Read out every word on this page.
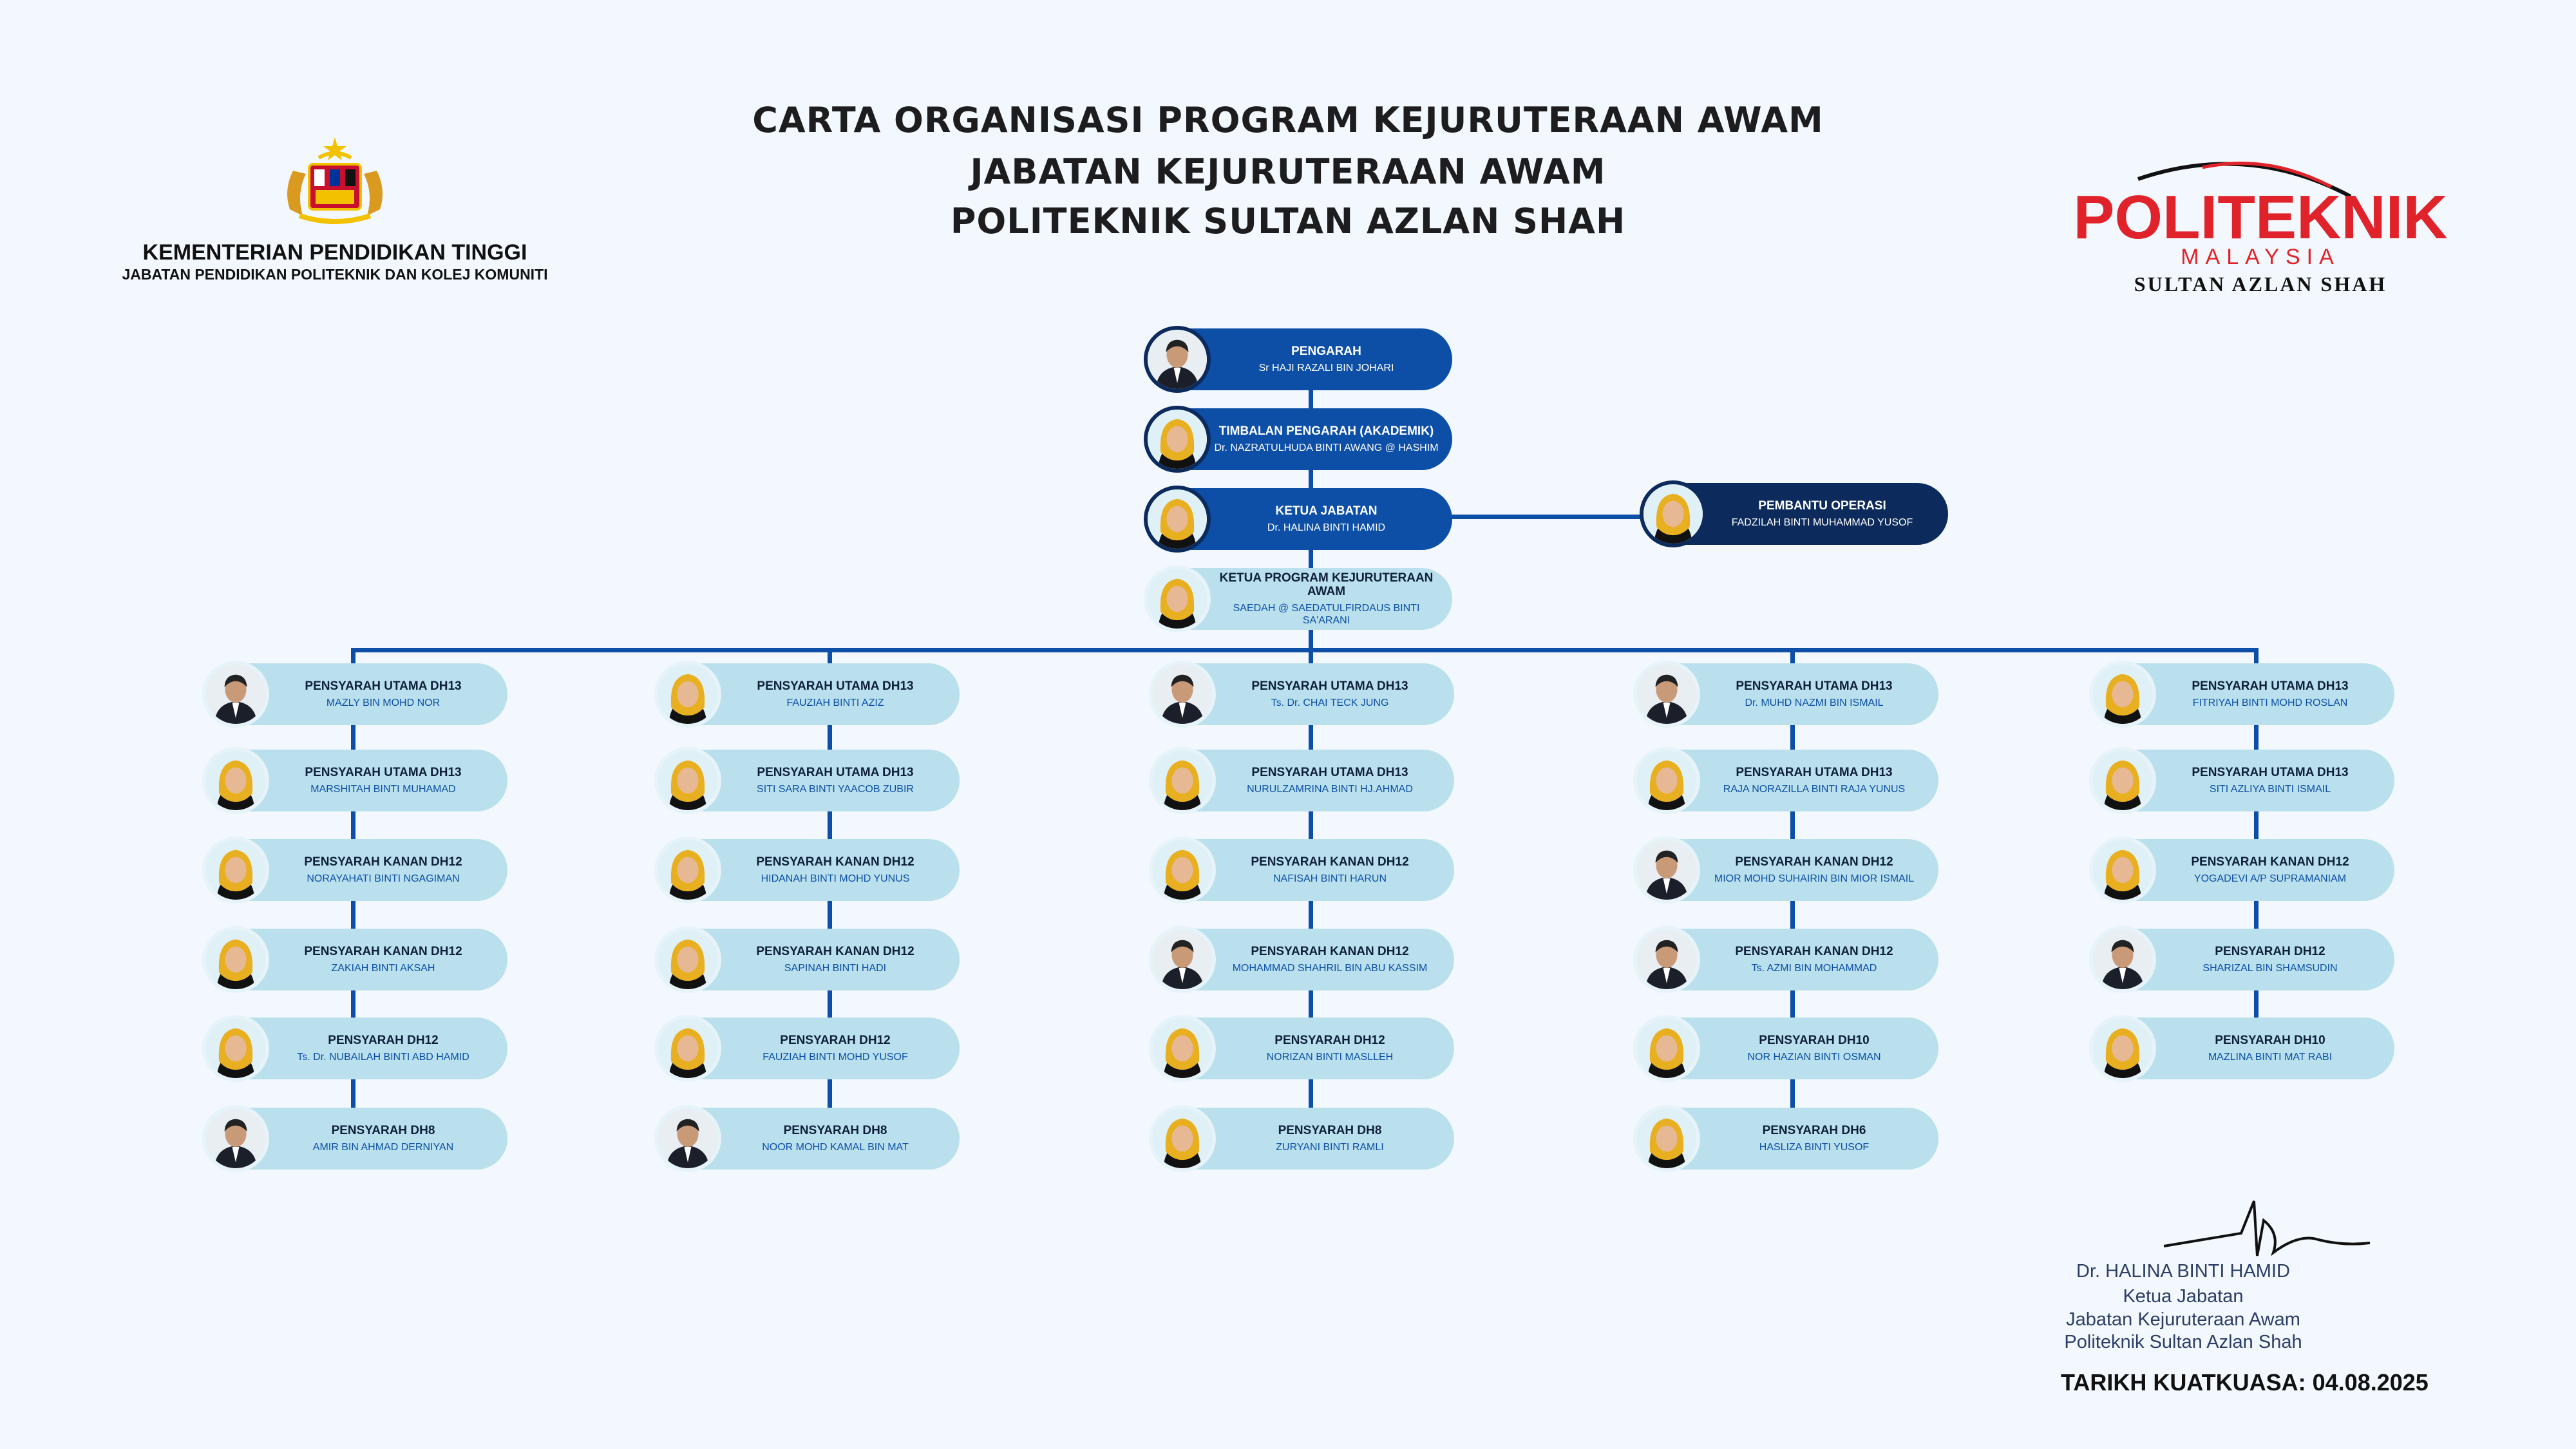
CARTA ORGANISASI PROGRAM KEJURUTERAAN AWAM
JABATAN KEJURUTERAAN AWAM
POLITEKNIK SULTAN AZLAN SHAH
KEMENTERIAN PENDIDIKAN TINGGI
JABATAN PENDIDIKAN POLITEKNIK DAN KOLEJ KOMUNITI
POLITEKNIK
MALAYSIA
SULTAN AZLAN SHAH
PENGARAH
Sr HAJI RAZALI BIN JOHARI
TIMBALAN PENGARAH (AKADEMIK)
Dr. NAZRATULHUDA BINTI AWANG @ HASHIM
KETUA JABATAN
Dr. HALINA BINTI HAMID
KETUA PROGRAM KEJURUTERAAN AWAM
SAEDAH @ SAEDATULFIRDAUS BINTI SA'ARANI
PEMBANTU OPERASI
FADZILAH BINTI MUHAMMAD YUSOF
PENSYARAH UTAMA DH13
MAZLY BIN MOHD NOR
PENSYARAH UTAMA DH13
MARSHITAH BINTI MUHAMAD
PENSYARAH KANAN DH12
NORAYAHATI BINTI NGAGIMAN
PENSYARAH KANAN DH12
ZAKIAH BINTI AKSAH
PENSYARAH DH12
Ts. Dr. NUBAILAH BINTI ABD HAMID
PENSYARAH DH8
AMIR BIN AHMAD DERNIYAN
PENSYARAH UTAMA DH13
FAUZIAH BINTI AZIZ
PENSYARAH UTAMA DH13
SITI SARA BINTI YAACOB ZUBIR
PENSYARAH KANAN DH12
HIDANAH BINTI MOHD YUNUS
PENSYARAH KANAN DH12
SAPINAH BINTI HADI
PENSYARAH DH12
FAUZIAH BINTI MOHD YUSOF
PENSYARAH DH8
NOOR MOHD KAMAL BIN MAT
PENSYARAH UTAMA DH13
Ts. Dr. CHAI TECK JUNG
PENSYARAH UTAMA DH13
NURULZAMRINA BINTI HJ.AHMAD
PENSYARAH KANAN DH12
NAFISAH BINTI HARUN
PENSYARAH KANAN DH12
MOHAMMAD SHAHRIL BIN ABU KASSIM
PENSYARAH DH12
NORIZAN BINTI MASLLEH
PENSYARAH DH8
ZURYANI BINTI RAMLI
PENSYARAH UTAMA DH13
Dr. MUHD NAZMI BIN ISMAIL
PENSYARAH UTAMA DH13
RAJA NORAZILLA BINTI RAJA YUNUS
PENSYARAH KANAN DH12
MIOR MOHD SUHAIRIN BIN MIOR ISMAIL
PENSYARAH KANAN DH12
Ts. AZMI BIN MOHAMMAD
PENSYARAH DH10
NOR HAZIAN BINTI OSMAN
PENSYARAH DH6
HASLIZA BINTI YUSOF
PENSYARAH UTAMA DH13
FITRIYAH BINTI MOHD ROSLAN
PENSYARAH UTAMA DH13
SITI AZLIYA BINTI ISMAIL
PENSYARAH KANAN DH12
YOGADEVI A/P SUPRAMANIAM
PENSYARAH DH12
SHARIZAL BIN SHAMSUDIN
PENSYARAH DH10
MAZLINA BINTI MAT RABI
Dr. HALINA BINTI HAMID
Ketua Jabatan
Jabatan Kejuruteraan Awam
Politeknik Sultan Azlan Shah
TARIKH KUATKUASA: 04.08.2025
